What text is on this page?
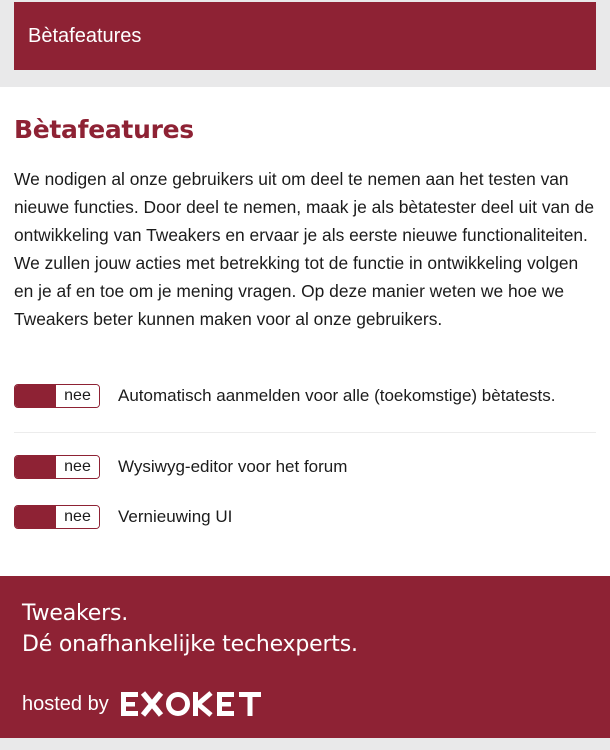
Bètafeatures
Bètafeatures

We nodigen al onze gebruikers uit om deel te nemen aan het testen van nieuwe functies. Door deel te nemen, maak je als bètatester deel uit van de ontwikkeling van Tweakers en ervaar je als eerste nieuwe functionaliteiten. We zullen jouw acties met betrekking tot de functie in ontwikkeling volgen en je af en toe om je mening vragen. Op deze manier weten we hoe we Tweakers beter kunnen maken voor al onze gebruikers.

nee	Automatisch aanmelden voor alle (toekomstige) bètatests.
nee	Wysiwyg-editor voor het forum
nee	Vernieuwing UI
Tweakers.
Dé onafhankelijke techexperts.
hosted by
